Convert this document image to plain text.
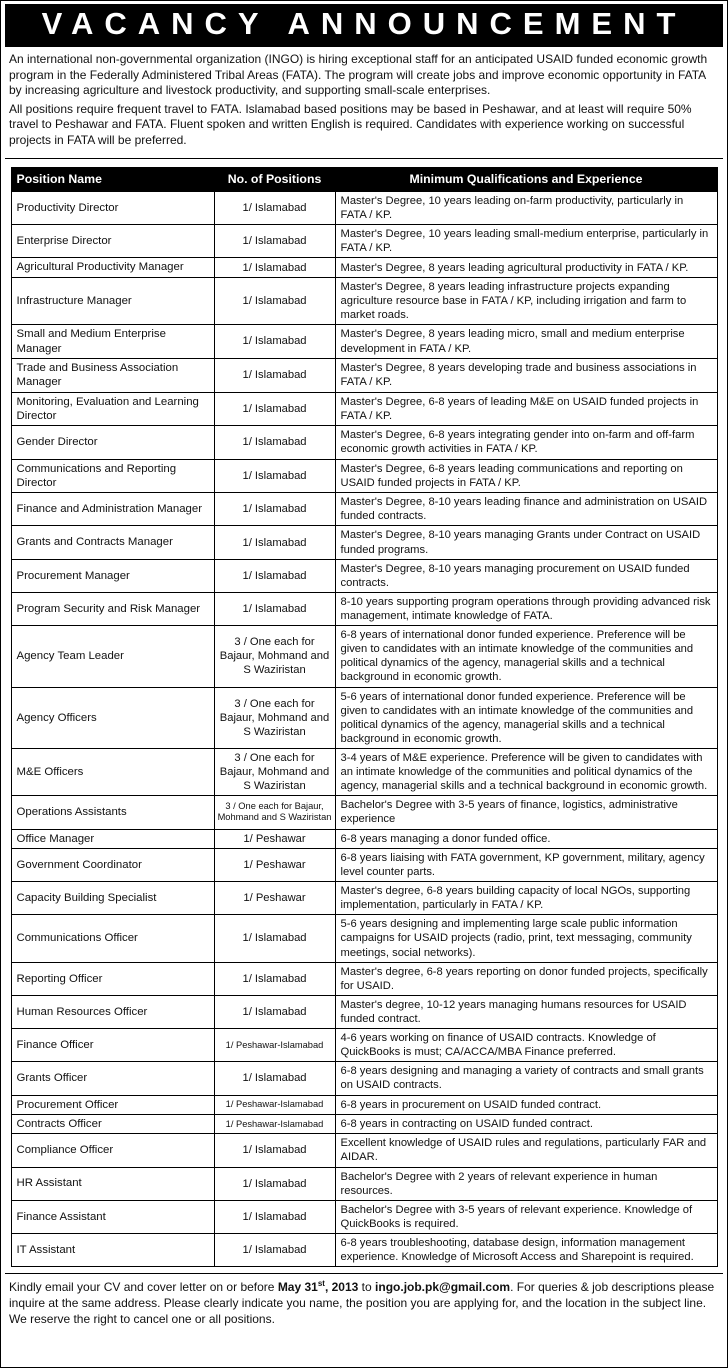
VACANCY ANNOUNCEMENT

An international non-governmental organization (INGO) is hiring exceptional staff for an anticipated USAID funded economic growth program in the Federally Administered Tribal Areas (FATA). The program will create jobs and improve economic opportunity in FATA by increasing agriculture and livestock productivity, and supporting small-scale enterprises.

All positions require frequent travel to FATA. Islamabad based positions may be based in Peshawar, and at least will require 50% travel to Peshawar and FATA. Fluent spoken and written English is required. Candidates with experience working on successful projects in FATA will be preferred.

Position Name	No. of Positions	Minimum Qualifications and Experience
Productivity Director	1/ Islamabad	Master's Degree, 10 years leading on-farm productivity, particularly in FATA / KP.
Enterprise Director	1/ Islamabad	Master's Degree, 10 years leading small-medium enterprise, particularly in FATA / KP.
Agricultural Productivity Manager	1/ Islamabad	Master's Degree, 8 years leading agricultural productivity in FATA / KP.
Infrastructure Manager	1/ Islamabad	Master's Degree, 8 years leading infrastructure projects expanding agriculture resource base in FATA / KP, including irrigation and farm to market roads.
Small and Medium Enterprise Manager	1/ Islamabad	Master's Degree, 8 years leading micro, small and medium enterprise development in FATA / KP.
Trade and Business Association Manager	1/ Islamabad	Master's Degree, 8 years developing trade and business associations in FATA / KP.
Monitoring, Evaluation and Learning Director	1/ Islamabad	Master's Degree, 6-8 years of leading M&E on USAID funded projects in FATA / KP.
Gender Director	1/ Islamabad	Master's Degree, 6-8 years integrating gender into on-farm and off-farm economic growth activities in FATA / KP.
Communications and Reporting Director	1/ Islamabad	Master's Degree, 6-8 years leading communications and reporting on USAID funded projects in FATA / KP.
Finance and Administration Manager	1/ Islamabad	Master's Degree, 8-10 years leading finance and administration on USAID funded contracts.
Grants and Contracts Manager	1/ Islamabad	Master's Degree, 8-10 years managing Grants under Contract on USAID funded programs.
Procurement Manager	1/ Islamabad	Master's Degree, 8-10 years managing procurement on USAID funded contracts.
Program Security and Risk Manager	1/ Islamabad	8-10 years supporting program operations through providing advanced risk management, intimate knowledge of FATA.
Agency Team Leader	3 / One each for Bajaur, Mohmand and S Waziristan	6-8 years of international donor funded experience. Preference will be given to candidates with an intimate knowledge of the communities and political dynamics of the agency, managerial skills and a technical background in economic growth.
Agency Officers	3 / One each for Bajaur, Mohmand and S Waziristan	5-6 years of international donor funded experience. Preference will be given to candidates with an intimate knowledge of the communities and political dynamics of the agency, managerial skills and a technical background in economic growth.
M&E Officers	3 / One each for Bajaur, Mohmand and S Waziristan	3-4 years of M&E experience. Preference will be given to candidates with an intimate knowledge of the communities and political dynamics of the agency, managerial skills and a technical background in economic growth.
Operations Assistants	3 / One each for Bajaur, Mohmand and S Waziristan	Bachelor's Degree with 3-5 years of finance, logistics, administrative experience
Office Manager	1/ Peshawar	6-8 years managing a donor funded office.
Government Coordinator	1/ Peshawar	6-8 years liaising with FATA government, KP government, military, agency level counter parts.
Capacity Building Specialist	1/ Peshawar	Master's degree, 6-8 years building capacity of local NGOs, supporting implementation, particularly in FATA / KP.
Communications Officer	1/ Islamabad	5-6 years designing and implementing large scale public information campaigns for USAID projects (radio, print, text messaging, community meetings, social networks).
Reporting Officer	1/ Islamabad	Master's degree, 6-8 years reporting on donor funded projects, specifically for USAID.
Human Resources Officer	1/ Islamabad	Master's degree, 10-12 years managing humans resources for USAID funded contract.
Finance Officer	1/ Peshawar-Islamabad	4-6 years working on finance of USAID contracts. Knowledge of QuickBooks is must; CA/ACCA/MBA Finance preferred.
Grants Officer	1/ Islamabad	6-8 years designing and managing a variety of contracts and small grants on USAID contracts.
Procurement Officer	1/ Peshawar-Islamabad	6-8 years in procurement on USAID funded contract.
Contracts Officer	1/ Peshawar-Islamabad	6-8 years in contracting on USAID funded contract.
Compliance Officer	1/ Islamabad	Excellent knowledge of USAID rules and regulations, particularly FAR and AIDAR.
HR Assistant	1/ Islamabad	Bachelor's Degree with 2 years of relevant experience in human resources.
Finance Assistant	1/ Islamabad	Bachelor's Degree with 3-5 years of relevant experience. Knowledge of QuickBooks is required.
IT Assistant	1/ Islamabad	6-8 years troubleshooting, database design, information management experience. Knowledge of Microsoft Access and Sharepoint is required.
Kindly email your CV and cover letter on or before May 31st, 2013 to ingo.job.pk@gmail.com. For queries & job descriptions please inquire at the same address. Please clearly indicate you name, the position you are applying for, and the location in the subject line. We reserve the right to cancel one or all positions.
